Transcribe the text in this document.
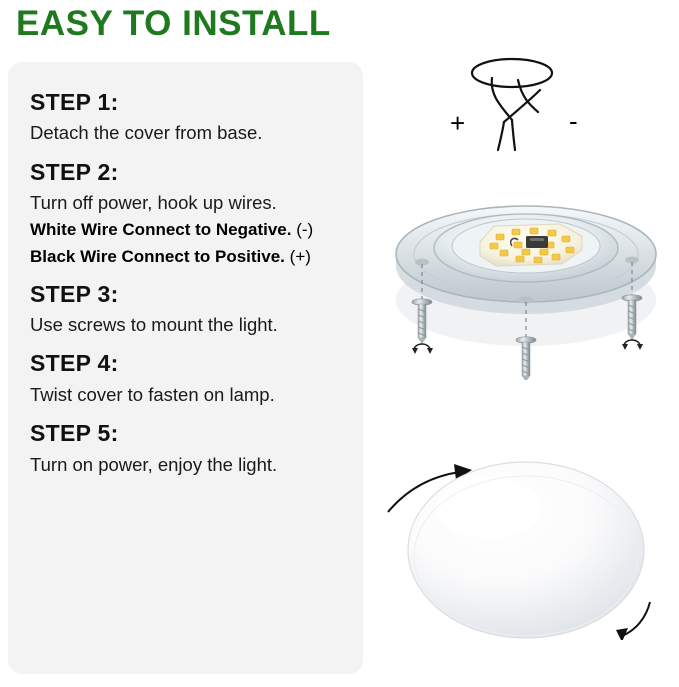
EASY TO INSTALL
STEP 1:
Detach the cover from base.
STEP 2:
Turn off power, hook up wires.
White Wire Connect to Negative. (-)
Black Wire Connect to Positive. (+)
STEP 3:
Use screws to mount the light.
STEP 4:
Twist cover to fasten on lamp.
STEP 5:
Turn on power, enjoy the light.
+	-
